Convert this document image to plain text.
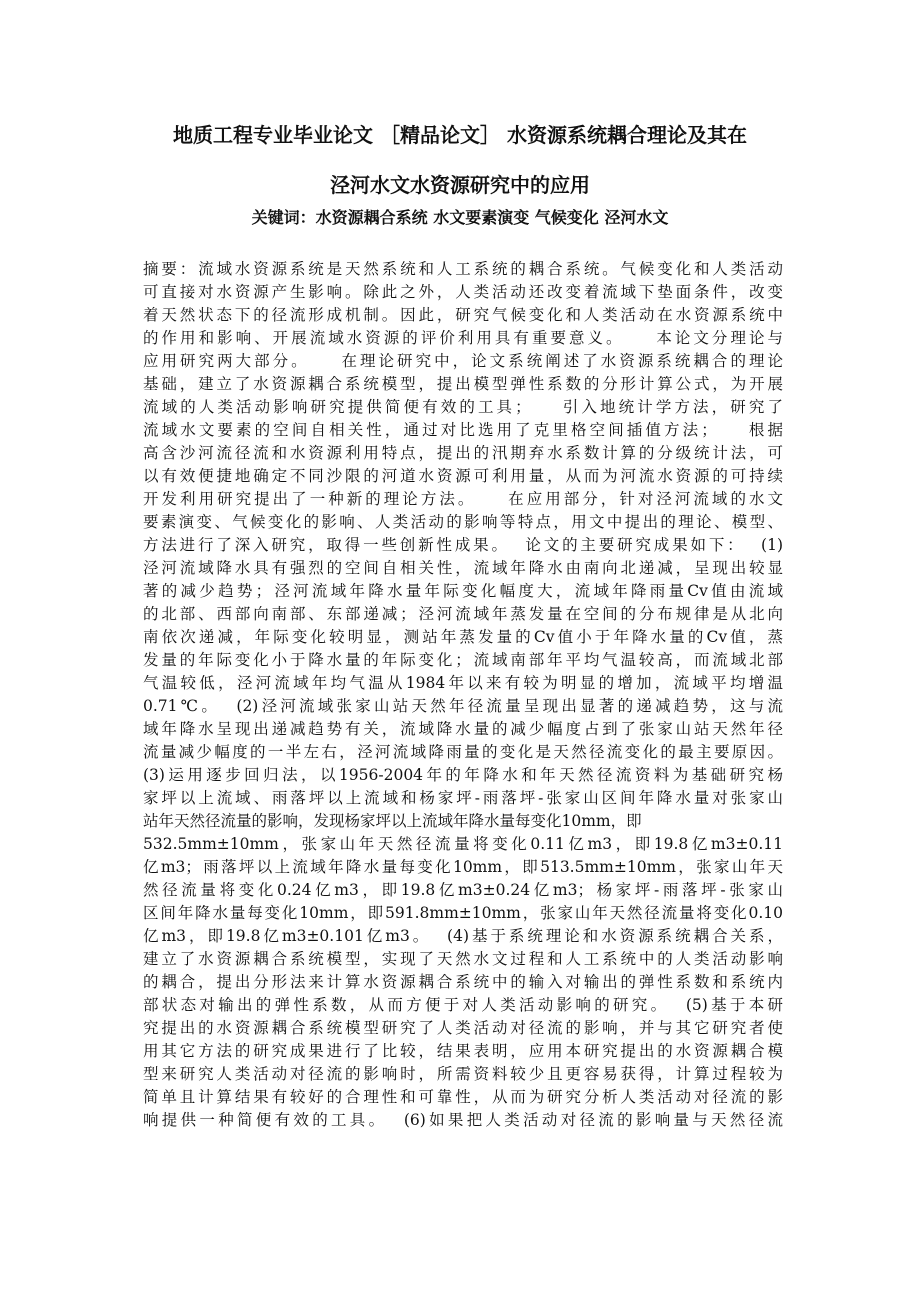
地质工程专业毕业论文 ［精品论文］ 水资源系统耦合理论及其在
泾河水文水资源研究中的应用
关键词：水资源耦合系统 水文要素演变 气候变化 泾河水文
摘要：流域水资源系统是天然系统和人工系统的耦合系统。气候变化和人类活动
可直接对水资源产生影响。除此之外，人类活动还改变着流域下垫面条件，改变
着天然状态下的径流形成机制。因此，研究气候变化和人类活动在水资源系统中
的作用和影响、开展流域水资源的评价利用具有重要意义。    本论文分理论与
应用研究两大部分。    在理论研究中，论文系统阐述了水资源系统耦合的理论
基础，建立了水资源耦合系统模型，提出模型弹性系数的分形计算公式，为开展
流域的人类活动影响研究提供简便有效的工具；    引入地统计学方法，研究了
流域水文要素的空间自相关性，通过对比选用了克里格空间插值方法；    根据
高含沙河流径流和水资源利用特点，提出的汛期弃水系数计算的分级统计法，可
以有效便捷地确定不同沙限的河道水资源可利用量，从而为河流水资源的可持续
开发利用研究提出了一种新的理论方法。    在应用部分，针对泾河流域的水文
要素演变、气候变化的影响、人类活动的影响等特点，用文中提出的理论、模型、
方法进行了深入研究，取得一些创新性成果。  论文的主要研究成果如下：  (1)
泾河流域降水具有强烈的空间自相关性，流域年降水由南向北递减，呈现出较显
著的减少趋势；泾河流域年降水量年际变化幅度大，流域年降雨量Cv值由流域
的北部、西部向南部、东部递减；泾河流域年蒸发量在空间的分布规律是从北向
南依次递减，年际变化较明显，测站年蒸发量的Cv值小于年降水量的Cv值，蒸
发量的年际变化小于降水量的年际变化；流域南部年平均气温较高，而流域北部
气温较低，泾河流域年均气温从1984年以来有较为明显的增加，流域平均增温
0.71℃。  (2)泾河流域张家山站天然年径流量呈现出显著的递减趋势，这与流
域年降水呈现出递减趋势有关，流域降水量的减少幅度占到了张家山站天然年径
流量减少幅度的一半左右，泾河流域降雨量的变化是天然径流变化的最主要原因。
(3)运用逐步回归法，以1956-2004年的年降水和年天然径流资料为基础研究杨
家坪以上流域、雨落坪以上流域和杨家坪-雨落坪-张家山区间年降水量对张家山
站年天然径流量的影响，发现杨家坪以上流域年降水量每变化10mm，即
532.5mm±10mm，张家山年天然径流量将变化0.11亿m3，即19.8亿m3±0.11
亿m3；雨落坪以上流域年降水量每变化10mm，即513.5mm±10mm，张家山年天
然径流量将变化0.24亿m3，即19.8亿m3±0.24亿m3；杨家坪-雨落坪-张家山
区间年降水量每变化10mm，即591.8mm±10mm，张家山年天然径流量将变化0.10
亿m3，即19.8亿m3±0.101亿m3。  (4)基于系统理论和水资源系统耦合关系，
建立了水资源耦合系统模型，实现了天然水文过程和人工系统中的人类活动影响
的耦合，提出分形法来计算水资源耦合系统中的输入对输出的弹性系数和系统内
部状态对输出的弹性系数，从而方便于对人类活动影响的研究。  (5)基于本研
究提出的水资源耦合系统模型研究了人类活动对径流的影响，并与其它研究者使
用其它方法的研究成果进行了比较，结果表明，应用本研究提出的水资源耦合模
型来研究人类活动对径流的影响时，所需资料较少且更容易获得，计算过程较为
简单且计算结果有较好的合理性和可靠性，从而为研究分析人类活动对径流的影
响提供一种简便有效的工具。  (6)如果把人类活动对径流的影响量与天然径流
